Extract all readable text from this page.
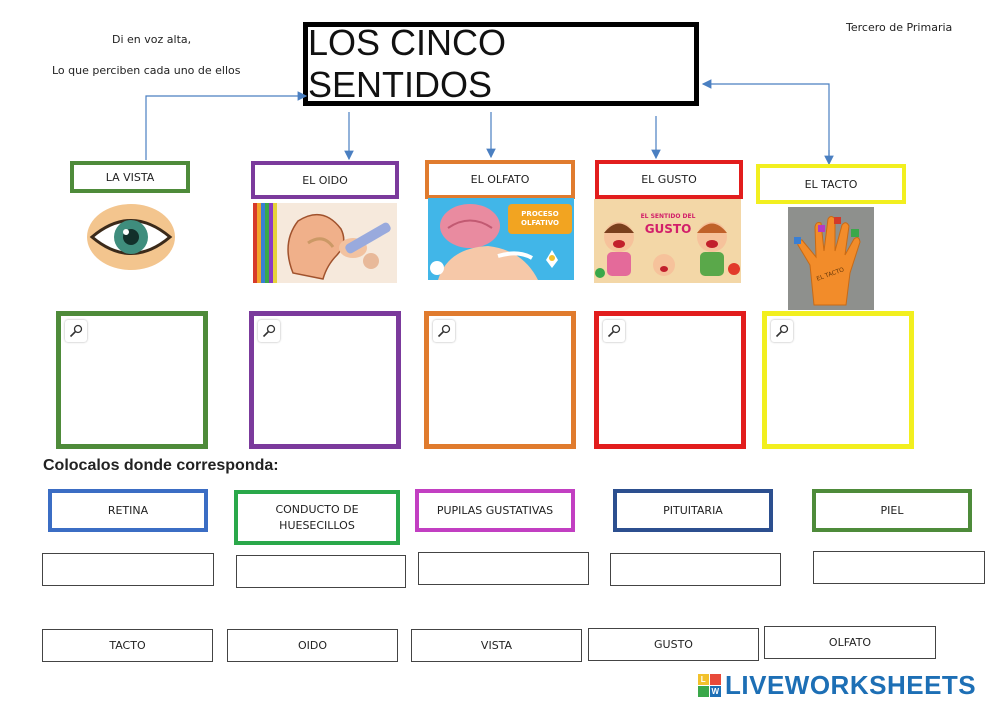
Di en voz alta,
Lo que perciben cada uno de ellos
Tercero de Primaria
LOS CINCO SENTIDOS
LA VISTA	EL OIDO	EL OLFATO	EL GUSTO	EL TACTO
PROCESO
OLFATIVO
EL SENTIDO DEL
GUSTO
EL TACTO
Colocalos donde corresponda:
RETINA	CONDUCTO DE HUESECILLOS
PUPILAS GUSTATIVAS	PITUITARIA	PIEL
TACTO	OIDO	VISTA	GUSTO	OLFATO
L
W LIVEWORKSHEETS
